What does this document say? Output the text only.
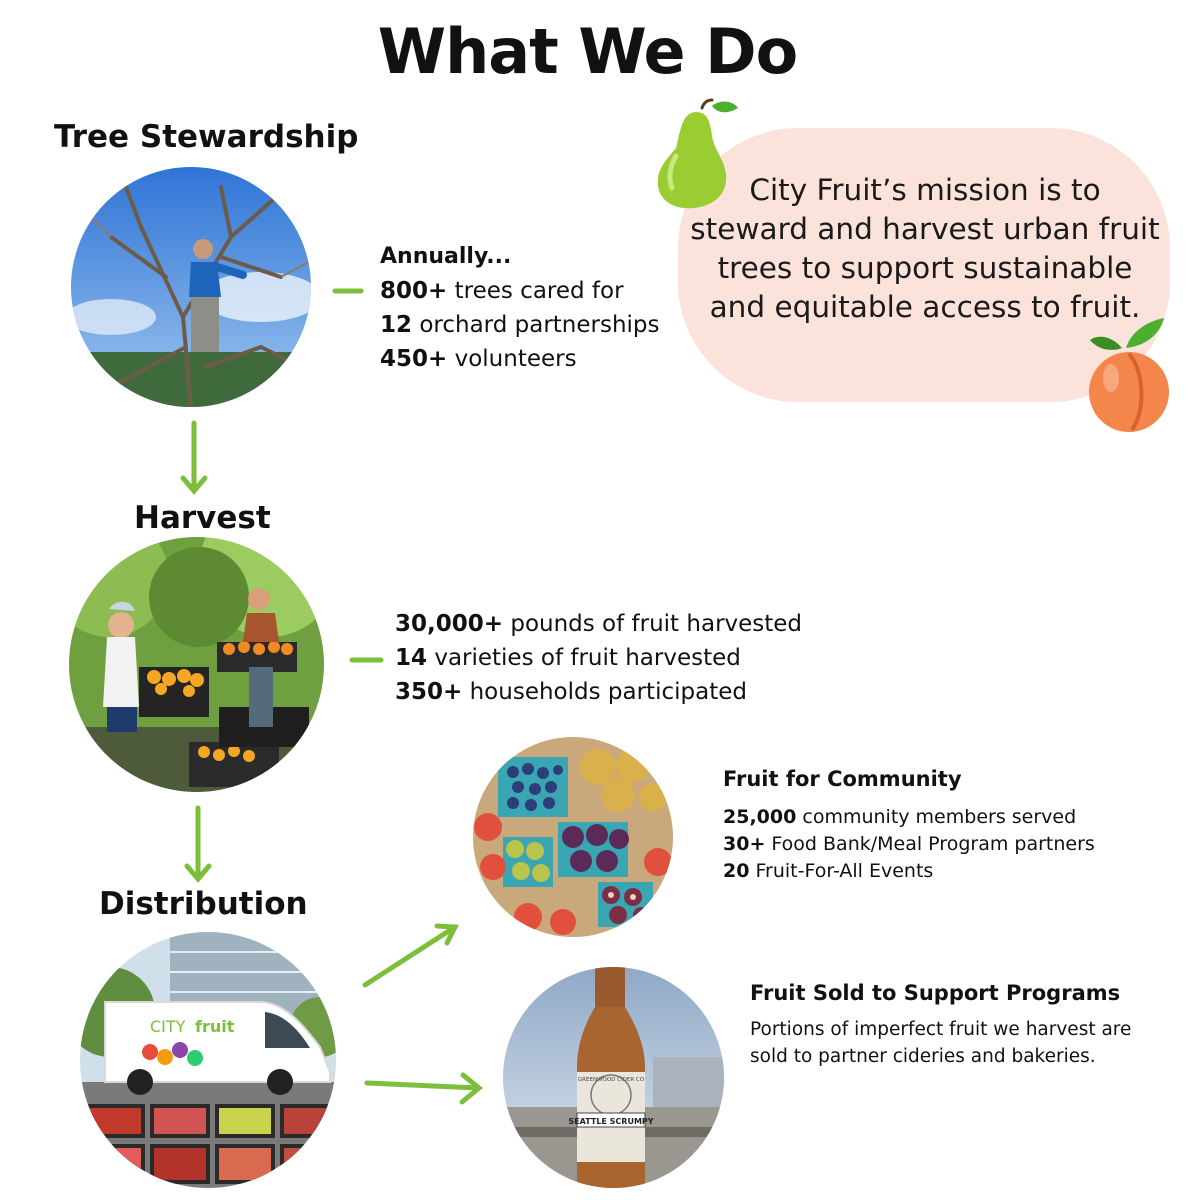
What We Do
Tree Stewardship
Annually...
800+ trees cared for
12 orchard partnerships
450+ volunteers
City Fruit’s mission is to steward and harvest urban fruit trees to support sustainable and equitable access to fruit.
Harvest
30,000+ pounds of fruit harvested
14 varieties of fruit harvested
350+ households participated
Distribution
CITY fruit
Fruit for Community
25,000 community members served
30+ Food Bank/Meal Program partners
20 Fruit-For-All Events
GREENWOOD CIDER CO
SEATTLE SCRUMPY
Fruit Sold to Support Programs
Portions of imperfect fruit we harvest are sold to partner cideries and bakeries.
